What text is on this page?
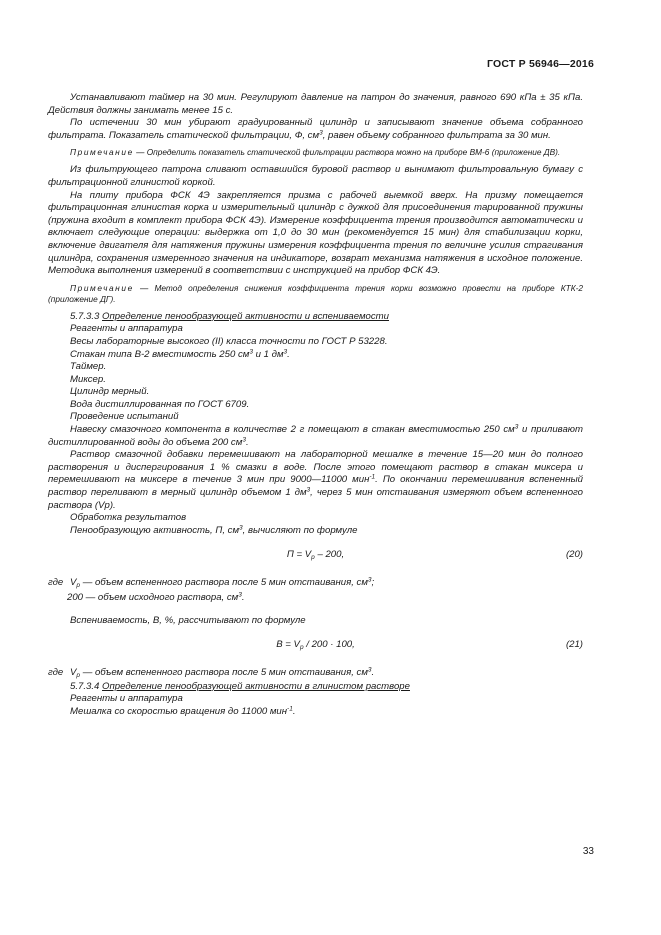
ГОСТ Р 56946—2016

Устанавливают таймер на 30 мин. Регулируют давление на патрон до значения, равного 690 кПа ± 35 кПа. Действия должны занимать менее 15 с.

По истечении 30 мин убирают градуированный цилиндр и записывают значение объема собранного фильтрата. Показатель статической фильтрации, Ф, $см^3$, равен объему собранного фильтрата за 30 мин.

Примечание — Определить показатель статической фильтрации раствора можно на приборе ВМ-6 (приложение ДВ).

Из фильтрующего патрона сливают оставшийся буровой раствор и вынимают фильтровальную бумагу с фильтрационной глинистой коркой.

На плиту прибора ФСК 4Э закрепляется призма с рабочей выемкой вверх. На призму помещается фильтрационная глинистая корка и измерительный цилиндр с дужкой для присоединения тарированной пружины (пружина входит в комплект прибора ФСК 4Э). Измерение коэффициента трения производится автоматически и включает следующие операции: выдержка от 1,0 до 30 мин (рекомендуется 15 мин) для стабилизации корки, включение двигателя для натяжения пружины измерения коэффициента трения по величине усилия страгивания цилиндра, сохранения измеренного значения на индикаторе, возврат механизма натяжения в исходное положение. Методика выполнения измерений в соответствии с инструкцией на прибор ФСК 4Э.

Примечание — Метод определения снижения коэффициента трения корки возможно провести на приборе КТК-2 (приложение ДГ).

5.7.3.3 Определение пенообразующей активности и вспениваемости

Реагенты и аппаратура

Весы лабораторные высокого (II) класса точности по ГОСТ Р 53228.

Стакан типа В-2 вместимость 250 $см^3$ и 1 $дм^3$.

Таймер.

Миксер.

Цилиндр мерный.

Вода дистиллированная по ГОСТ 6709.

Проведение испытаний

Навеску смазочного компонента в количестве 2 г помещают в стакан вместимостью 250 $см^3$ и приливают дистиллированной воды до объема 200 $см^3$.

Раствор смазочной добавки перемешивают на лабораторной мешалке в течение 15—20 мин до полного растворения и диспергирования 1 % смазки в воде. После этого помещают раствор в стакан миксера и перемешивают на миксере в течение 3 мин при 9000—11000 мин$^{-1}$. По окончании перемешивания вспененный раствор переливают в мерный цилиндр объемом 1 $дм^3$, через 5 мин отстаивания измеряют объем вспененного раствора (Vp).

Обработка результатов

Пенообразующую активность, П, $см^3$, вычисляют по формуле

$П = V_p - 200$,	(20)

где $V_p$ — объем вспененного раствора после 5 мин отстаивания, $см^3$;

200 — объем исходного раствора, $см^3$.

Вспениваемость, В, %, рассчитывают по формуле

$В = V_p / 200 \cdot 100$,	(21)

где $V_p$ — объем вспененного раствора после 5 мин отстаивания, $см^3$.

5.7.3.4 Определение пенообразующей активности в глинистом растворе

Реагенты и аппаратура

Мешалка со скоростью вращения до 11000 мин$^{-1}$.

33
